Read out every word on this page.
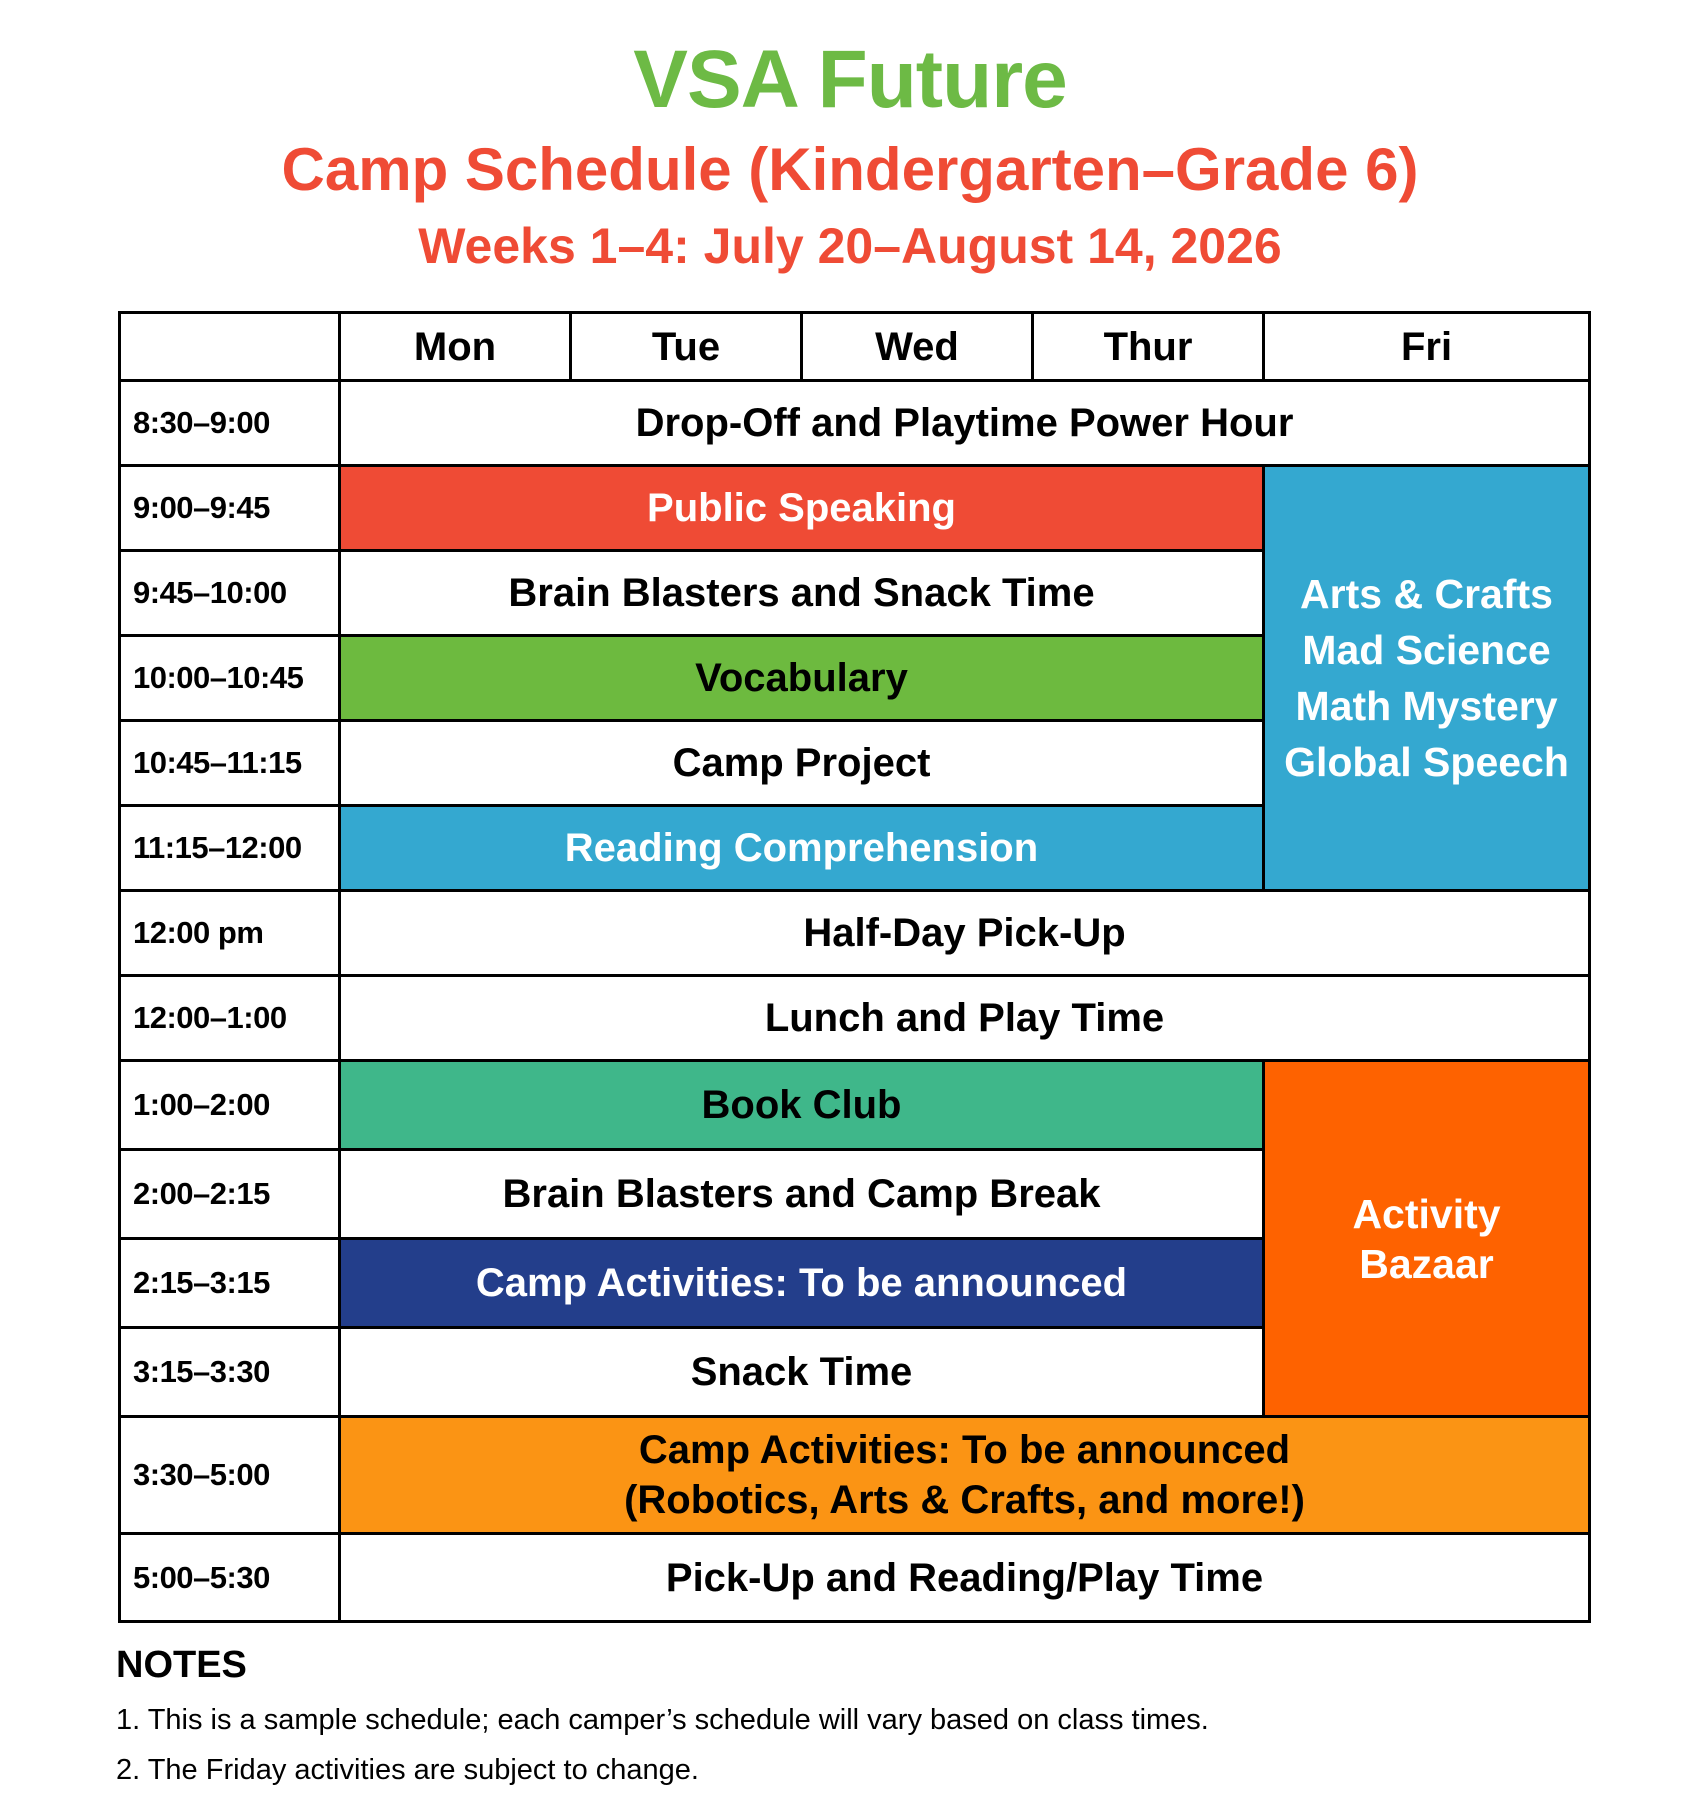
VSA Future
Camp Schedule (Kindergarten–Grade 6)
Weeks 1–4: July 20–August 14, 2026
	Mon	Tue	Wed	Thur	Fri
8:30–9:00	Drop-Off and Playtime Power Hour				
9:00–9:45	Public Speaking				Arts & Crafts
Mad Science
Math Mystery
Global Speech

9:45–10:00	Brain Blasters and Snack Time				
10:00–10:45	Vocabulary				
10:45–11:15	Camp Project				
11:15–12:00	Reading Comprehension				
12:00 pm	Half-Day Pick-Up				
12:00–1:00	Lunch and Play Time				
1:00–2:00	Book Club				Activity
Bazaar

2:00–2:15	Brain Blasters and Camp Break				
2:15–3:15	Camp Activities: To be announced				
3:15–3:30	Snack Time				
3:30–5:00	Camp Activities: To be announced
(Robotics, Arts & Crafts, and more!)				

5:00–5:30	Pick-Up and Reading/Play Time				
NOTES
1. This is a sample schedule; each camper’s schedule will vary based on class times.
2. The Friday activities are subject to change.
